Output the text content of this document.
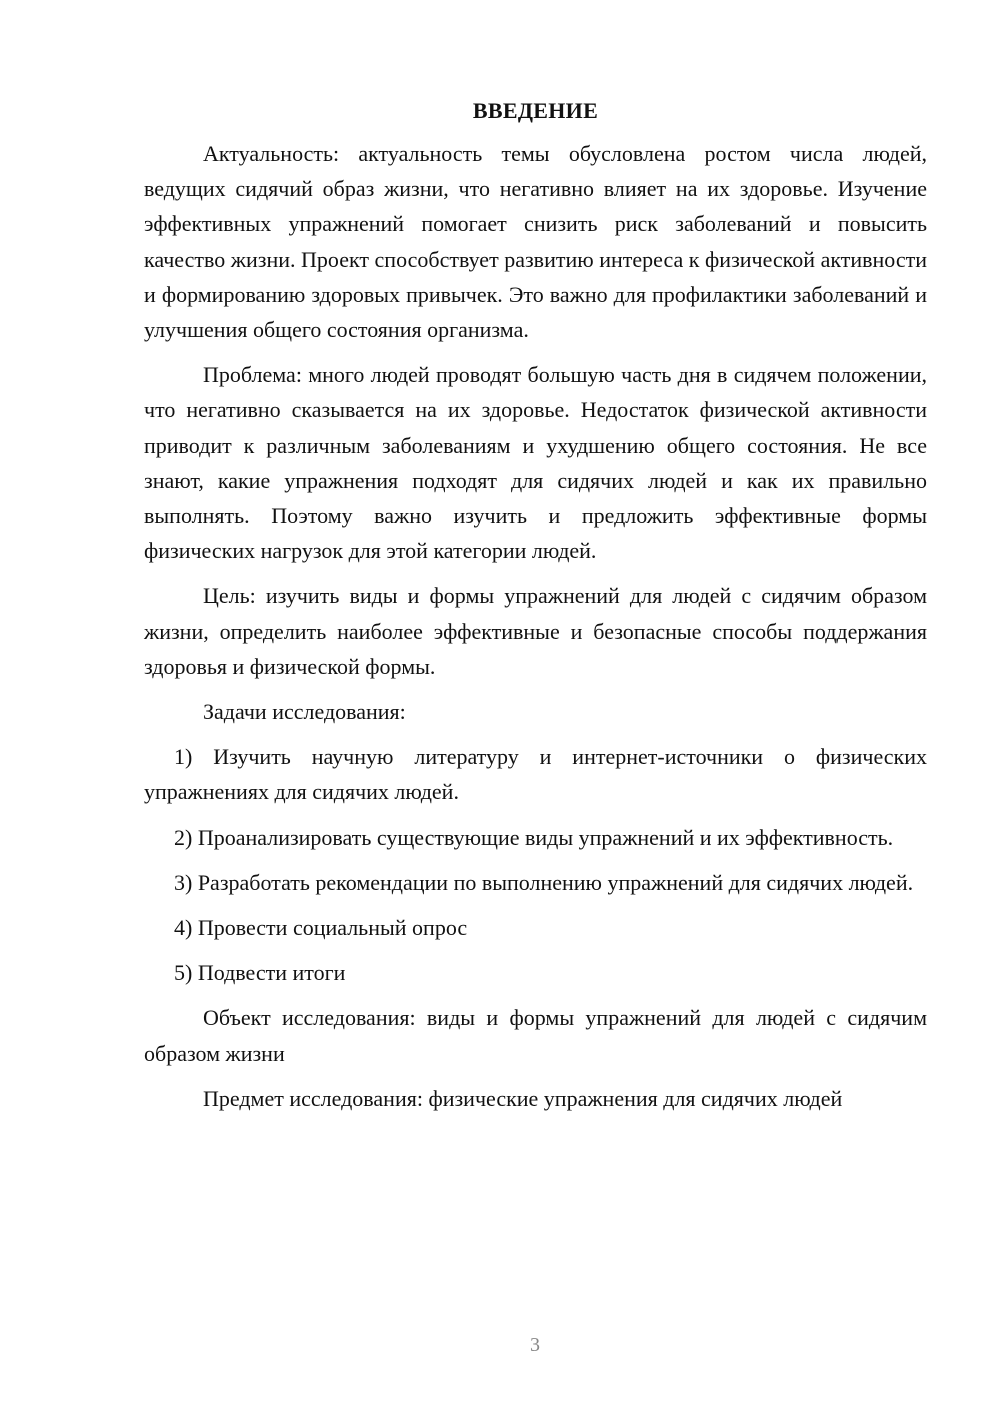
ВВЕДЕНИЕ

Актуальность: актуальность темы обусловлена ростом числа людей, ведущих сидячий образ жизни, что негативно влияет на их здоровье. Изучение эффективных упражнений помогает снизить риск заболеваний и повысить качество жизни. Проект способствует развитию интереса к физической активности и формированию здоровых привычек. Это важно для профилактики заболеваний и улучшения общего состояния организма.

Проблема: много людей проводят большую часть дня в сидячем положении, что негативно сказывается на их здоровье. Недостаток физической активности приводит к различным заболеваниям и ухудшению общего состояния. Не все знают, какие упражнения подходят для сидячих людей и как их правильно выполнять. Поэтому важно изучить и предложить эффективные формы физических нагрузок для этой категории людей.

Цель: изучить виды и формы упражнений для людей с сидячим образом жизни, определить наиболее эффективные и безопасные способы поддержания здоровья и физической формы.

Задачи исследования:

1) Изучить научную литературу и интернет-источники о физических упражнениях для сидячих людей.

2) Проанализировать существующие виды упражнений и их эффективность.

3) Разработать рекомендации по выполнению упражнений для сидячих людей.

4) Провести социальный опрос

5) Подвести итоги

Объект исследования: виды и формы упражнений для людей с сидячим образом жизни

Предмет исследования: физические упражнения для сидячих людей

3
